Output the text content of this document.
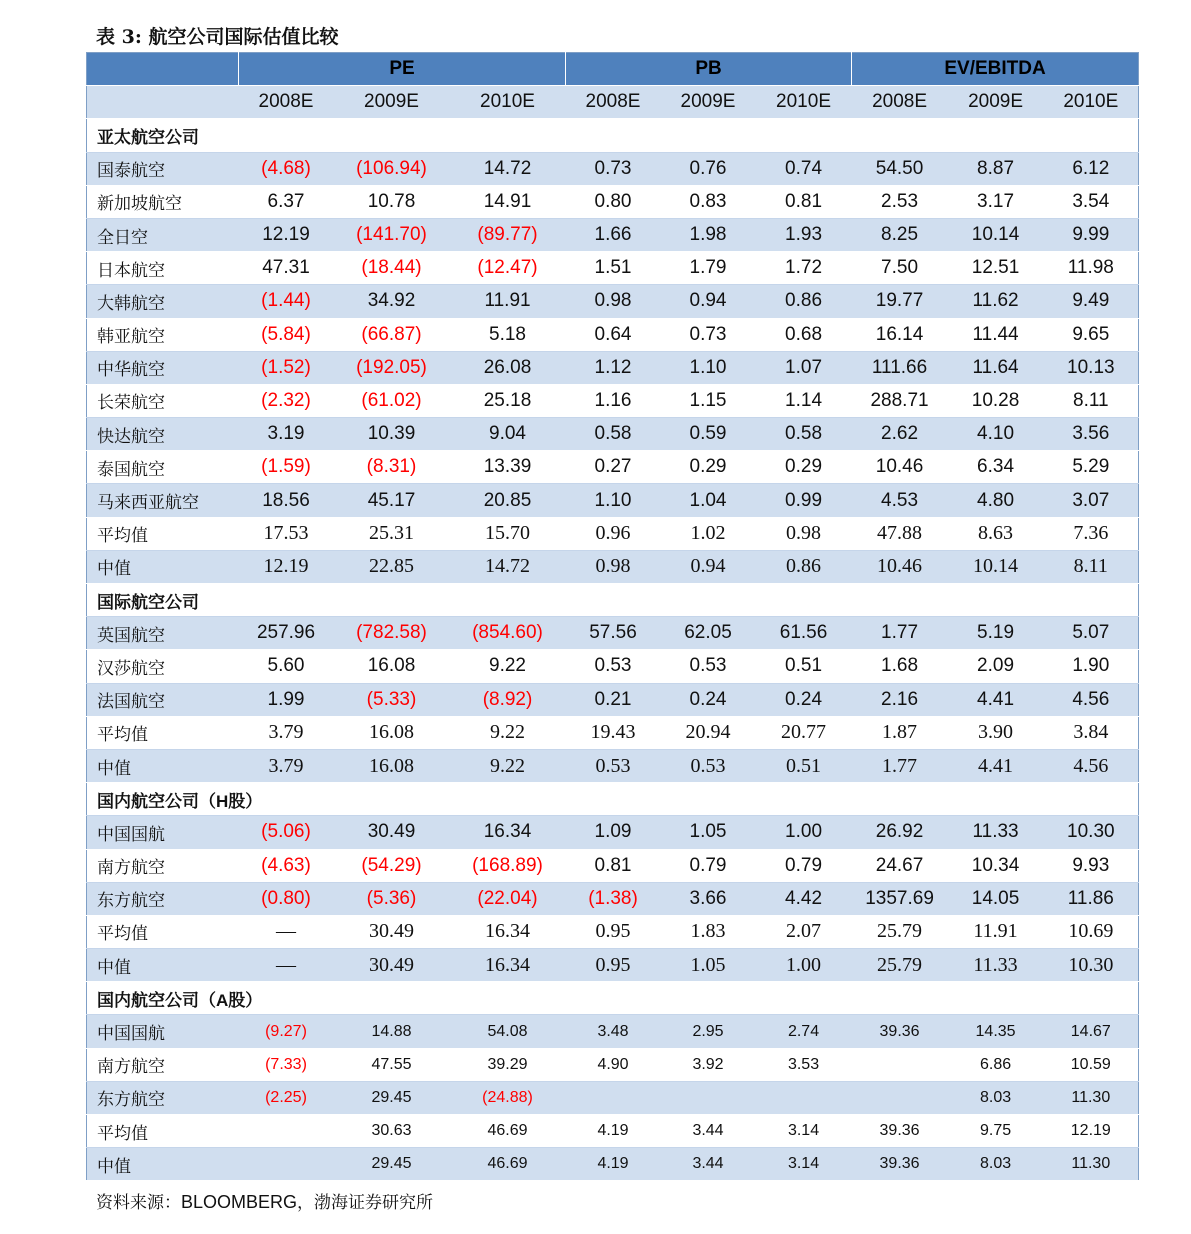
表 3: 航空公司国际估值比较
	PE			PB			EV/EBITDA		
	2008E	2009E	2010E	2008E	2009E	2010E	2008E	2009E	2010E
亚太航空公司									
国泰航空	(4.68)	(106.94)	14.72	0.73	0.76	0.74	54.50	8.87	6.12
新加坡航空	6.37	10.78	14.91	0.80	0.83	0.81	2.53	3.17	3.54
全日空	12.19	(141.70)	(89.77)	1.66	1.98	1.93	8.25	10.14	9.99
日本航空	47.31	(18.44)	(12.47)	1.51	1.79	1.72	7.50	12.51	11.98
大韩航空	(1.44)	34.92	11.91	0.98	0.94	0.86	19.77	11.62	9.49
韩亚航空	(5.84)	(66.87)	5.18	0.64	0.73	0.68	16.14	11.44	9.65
中华航空	(1.52)	(192.05)	26.08	1.12	1.10	1.07	111.66	11.64	10.13
长荣航空	(2.32)	(61.02)	25.18	1.16	1.15	1.14	288.71	10.28	8.11
快达航空	3.19	10.39	9.04	0.58	0.59	0.58	2.62	4.10	3.56
泰国航空	(1.59)	(8.31)	13.39	0.27	0.29	0.29	10.46	6.34	5.29
马来西亚航空	18.56	45.17	20.85	1.10	1.04	0.99	4.53	4.80	3.07
平均值	17.53	25.31	15.70	0.96	1.02	0.98	47.88	8.63	7.36
中值	12.19	22.85	14.72	0.98	0.94	0.86	10.46	10.14	8.11
国际航空公司									
英国航空	257.96	(782.58)	(854.60)	57.56	62.05	61.56	1.77	5.19	5.07
汉莎航空	5.60	16.08	9.22	0.53	0.53	0.51	1.68	2.09	1.90
法国航空	1.99	(5.33)	(8.92)	0.21	0.24	0.24	2.16	4.41	4.56
平均值	3.79	16.08	9.22	19.43	20.94	20.77	1.87	3.90	3.84
中值	3.79	16.08	9.22	0.53	0.53	0.51	1.77	4.41	4.56
国内航空公司（H股）									
中国国航	(5.06)	30.49	16.34	1.09	1.05	1.00	26.92	11.33	10.30
南方航空	(4.63)	(54.29)	(168.89)	0.81	0.79	0.79	24.67	10.34	9.93
东方航空	(0.80)	(5.36)	(22.04)	(1.38)	3.66	4.42	1357.69	14.05	11.86
平均值	—	30.49	16.34	0.95	1.83	2.07	25.79	11.91	10.69
中值	—	30.49	16.34	0.95	1.05	1.00	25.79	11.33	10.30
国内航空公司（A股）									
中国国航	(9.27)	14.88	54.08	3.48	2.95	2.74	39.36	14.35	14.67
南方航空	(7.33)	47.55	39.29	4.90	3.92	3.53		6.86	10.59
东方航空	(2.25)	29.45	(24.88)					8.03	11.30
平均值		30.63	46.69	4.19	3.44	3.14	39.36	9.75	12.19
中值		29.45	46.69	4.19	3.44	3.14	39.36	8.03	11.30
资料来源：BLOOMBERG，渤海证券研究所
